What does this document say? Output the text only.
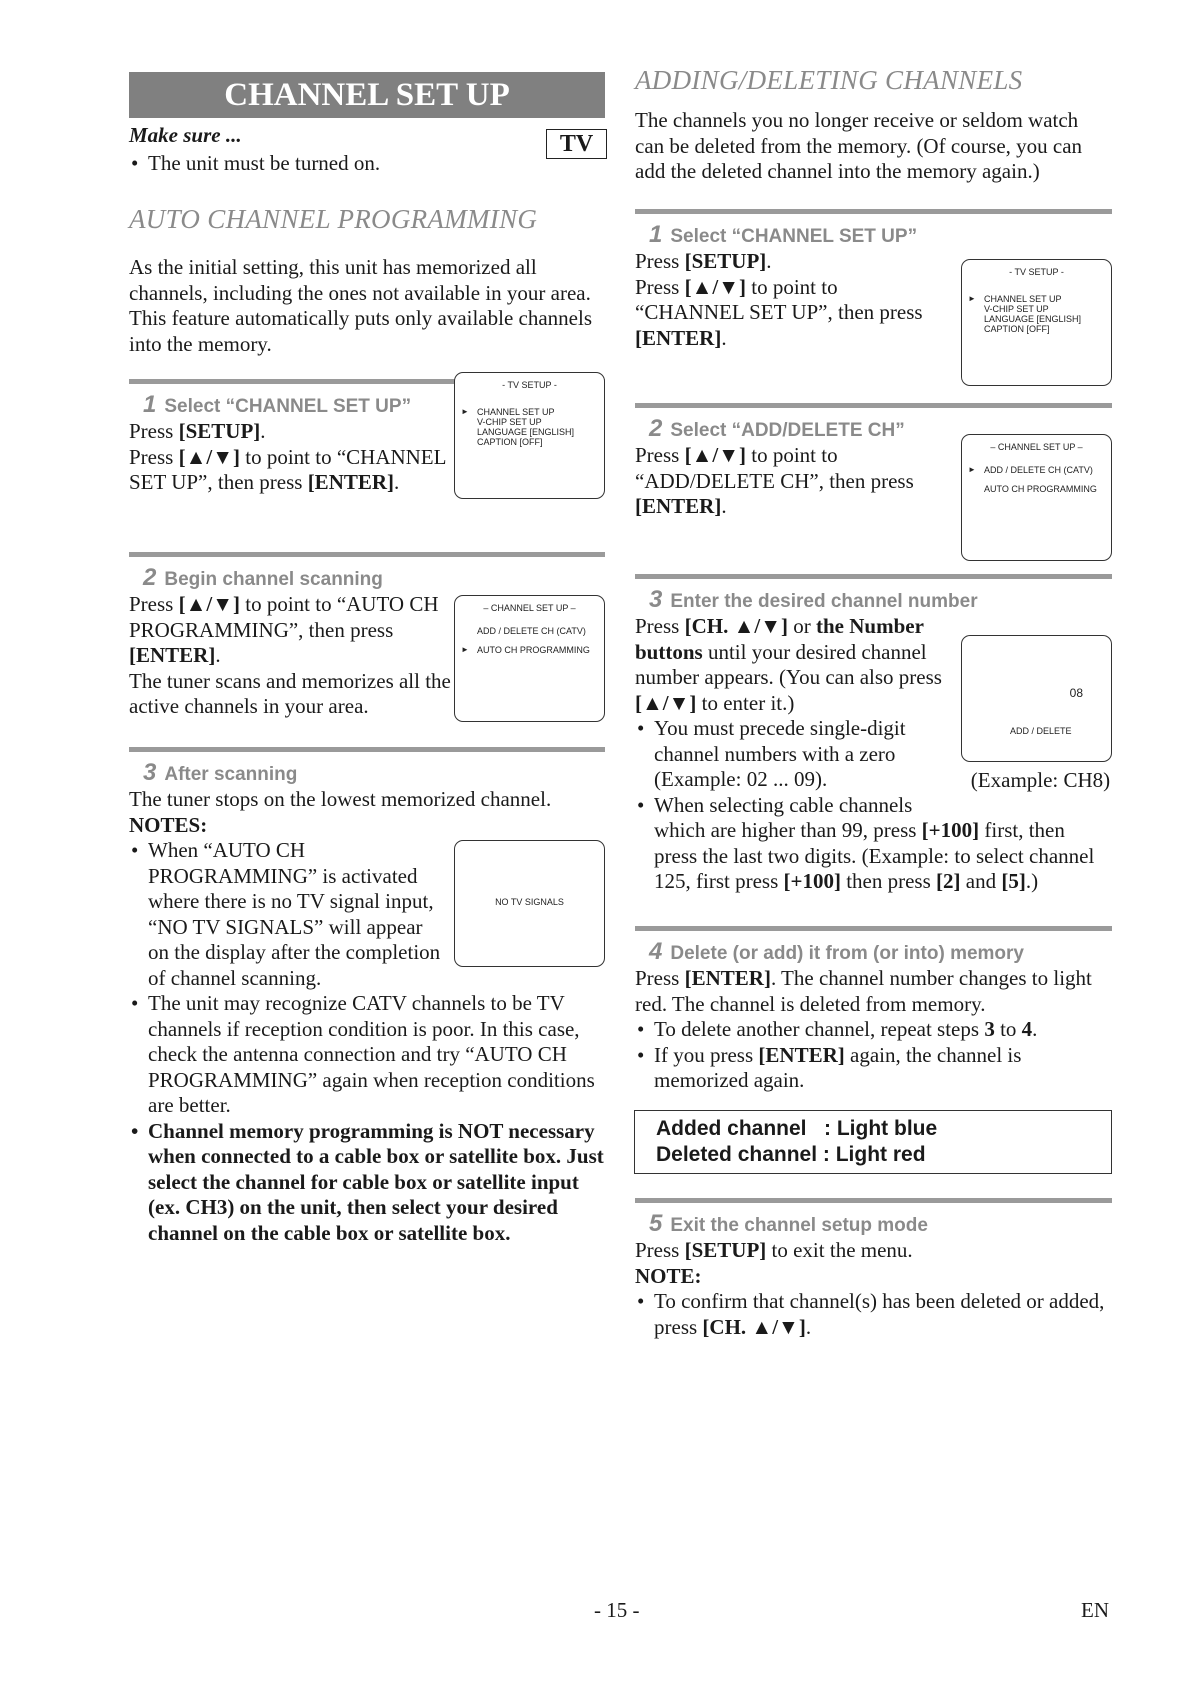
CHANNEL SET UP
Make sure ...	TV
• The unit must be turned on.
AUTO CHANNEL PROGRAMMING

As the initial setting, this unit has memorized all channels, including the ones not available in your area. This feature automatically puts only available channels into the memory.

- TV SETUP -
► CHANNEL SET UP
V-CHIP SET UP
LANGUAGE [ENGLISH]
CAPTION [OFF]
1 Select “CHANNEL SET UP”

Press [SETUP].

Press [▲/▼] to point to “CHANNEL SET UP”, then press [ENTER].

– CHANNEL SET UP –
ADD / DELETE CH (CATV)
► AUTO CH PROGRAMMING
2 Begin channel scanning

Press [▲/▼] to point to “AUTO CH PROGRAMMING”, then press [ENTER].

The tuner scans and memorizes all the active channels in your area.

3 After scanning

The tuner stops on the lowest memorized channel.

NOTES:

NO TV SIGNALS
• When “AUTO CH PROGRAMMING” is activated where there is no TV signal input, “NO TV SIGNALS” will appear on the display after the completion of channel scanning.
• The unit may recognize CATV channels to be TV channels if reception condition is poor. In this case, check the antenna connection and try “AUTO CH PROGRAMMING” again when reception conditions are better.
• Channel memory programming is NOT necessary when connected to a cable box or satellite box. Just select the channel for cable box or satellite input (ex. CH3) on the unit, then select your desired channel on the cable box or satellite box.
ADDING/DELETING CHANNELS

The channels you no longer receive or seldom watch can be deleted from the memory. (Of course, you can add the deleted channel into the memory again.)

1 Select “CHANNEL SET UP”
- TV SETUP -
► CHANNEL SET UP
V-CHIP SET UP
LANGUAGE [ENGLISH]
CAPTION [OFF]

Press [SETUP].

Press [▲/▼] to point to “CHANNEL SET UP”, then press [ENTER].

2 Select “ADD/DELETE CH”
– CHANNEL SET UP –
► ADD / DELETE CH (CATV)
AUTO CH PROGRAMMING

Press [▲/▼] to point to “ADD/DELETE CH”, then press [ENTER].

3 Enter the desired channel number
08
ADD / DELETE
(Example: CH8)

Press [CH. ▲/▼] or the Number buttons until your desired channel number appears. (You can also press [▲/▼] to enter it.)

• You must precede single-digit channel numbers with a zero (Example: 02 ... 09).
• When selecting cable channels which are higher than 99, press [+100] first, then press the last two digits. (Example: to select channel 125, first press [+100] then press [2] and [5].)
4 Delete (or add) it from (or into) memory

Press [ENTER]. The channel number changes to light red. The channel is deleted from memory.

• To delete another channel, repeat steps 3 to 4.
• If you press [ENTER] again, the channel is memorized again.
Added channel   : Light blue
Deleted channel : Light red
5 Exit the channel setup mode

Press [SETUP] to exit the menu.

NOTE:

• To confirm that channel(s) has been deleted or added, press [CH. ▲/▼].
- 15 -	EN
